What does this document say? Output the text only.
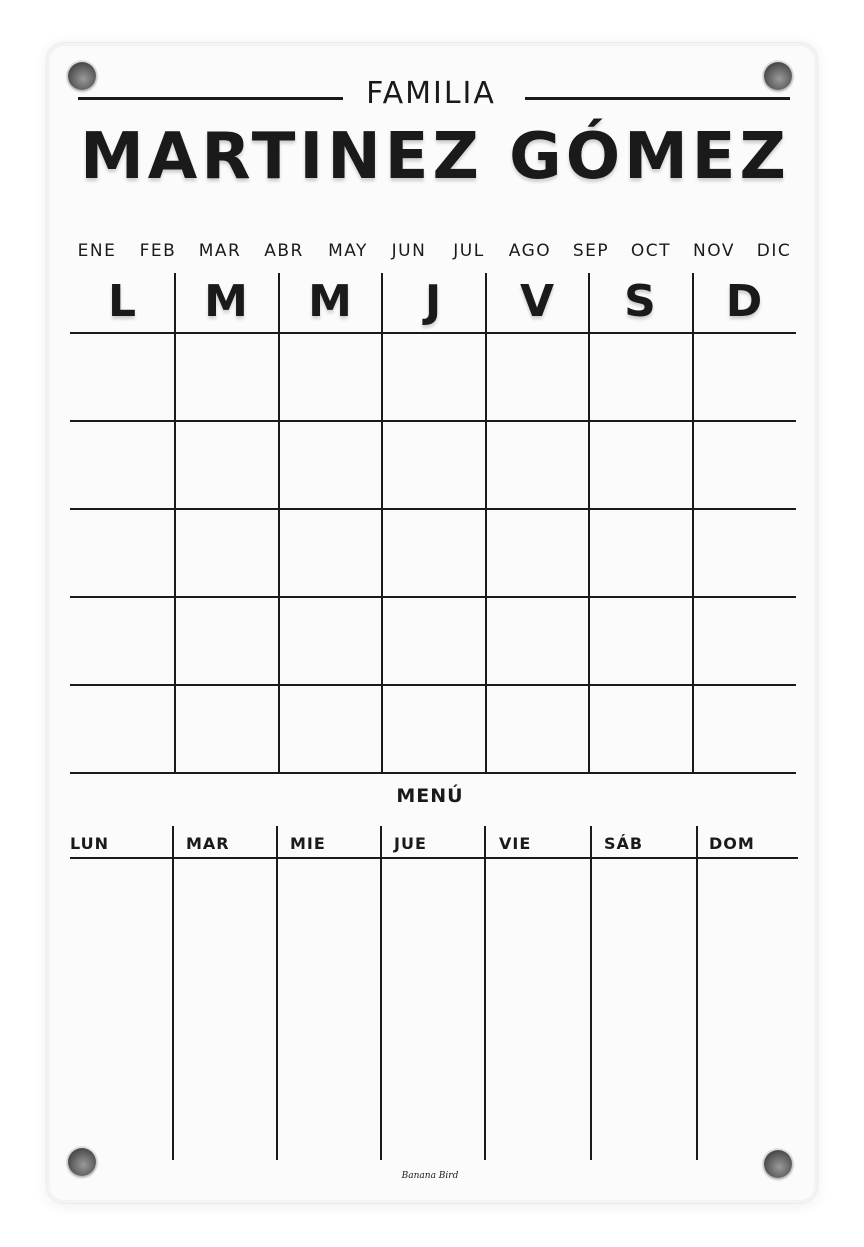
FAMILIA
MARTINEZ GÓMEZ
ENE	FEB	MAR	ABR	MAY	JUN	JUL	AGO	SEP	OCT	NOV	DIC
L	M	M	J	V	S	D
MENÚ
LUN	MAR	MIE	JUE	VIE	SÁB	DOM
Banana Bird
